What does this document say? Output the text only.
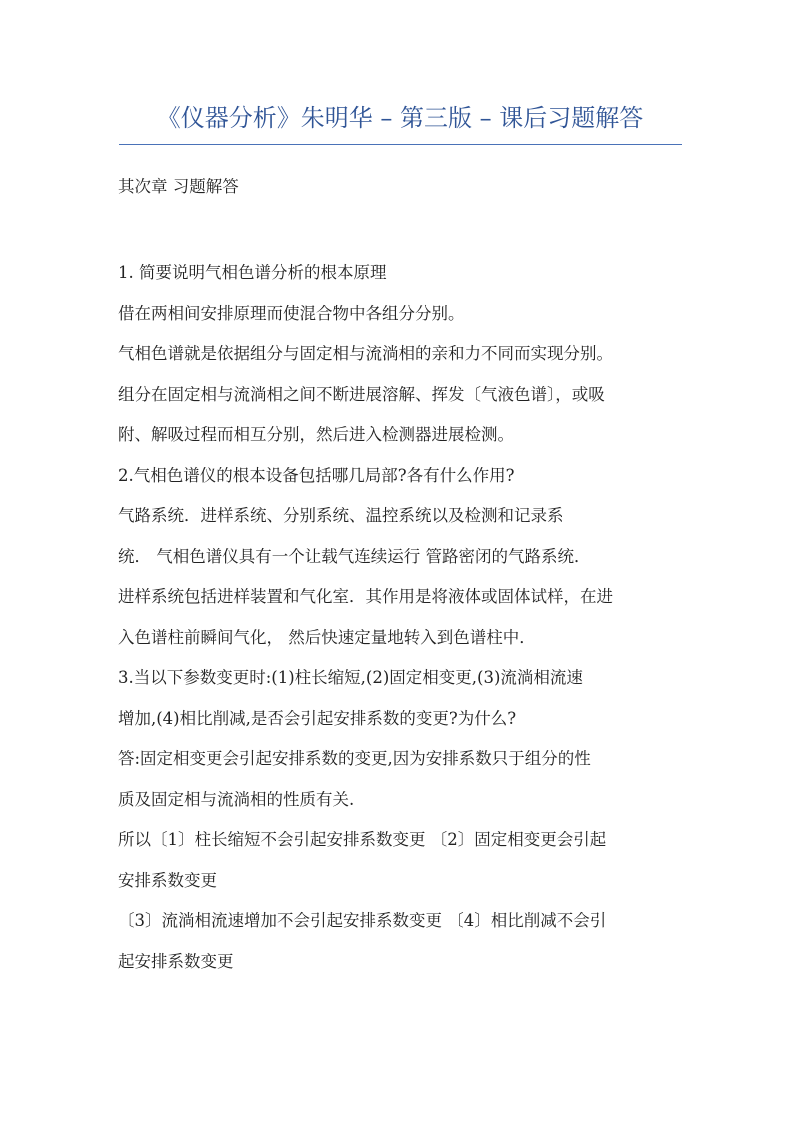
《仪器分析》朱明华 – 第三版 – 课后习题解答
其次章 习题解答
1. 简要说明气相色谱分析的根本原理
借在两相间安排原理而使混合物中各组分分别。
气相色谱就是依据组分与固定相与流淌相的亲和力不同而实现分别。
组分在固定相与流淌相之间不断进展溶解、挥发〔气液色谱〕，或吸
附、解吸过程而相互分别，然后进入检测器进展检测。
2.气相色谱仪的根本设备包括哪几局部?各有什么作用?
气路系统．进样系统、分别系统、温控系统以及检测和记录系
统． 气相色谱仪具有一个让载气连续运行 管路密闭的气路系统．
进样系统包括进样装置和气化室．其作用是将液体或固体试样，在进
入色谱柱前瞬间气化， 然后快速定量地转入到色谱柱中．
3.当以下参数变更时:(1)柱长缩短,(2)固定相变更,(3)流淌相流速
增加,(4)相比削减,是否会引起安排系数的变更?为什么?
答:固定相变更会引起安排系数的变更,因为安排系数只于组分的性
质及固定相与流淌相的性质有关.
所以〔1〕柱长缩短不会引起安排系数变更 〔2〕固定相变更会引起
安排系数变更
〔3〕流淌相流速增加不会引起安排系数变更 〔4〕相比削减不会引
起安排系数变更
